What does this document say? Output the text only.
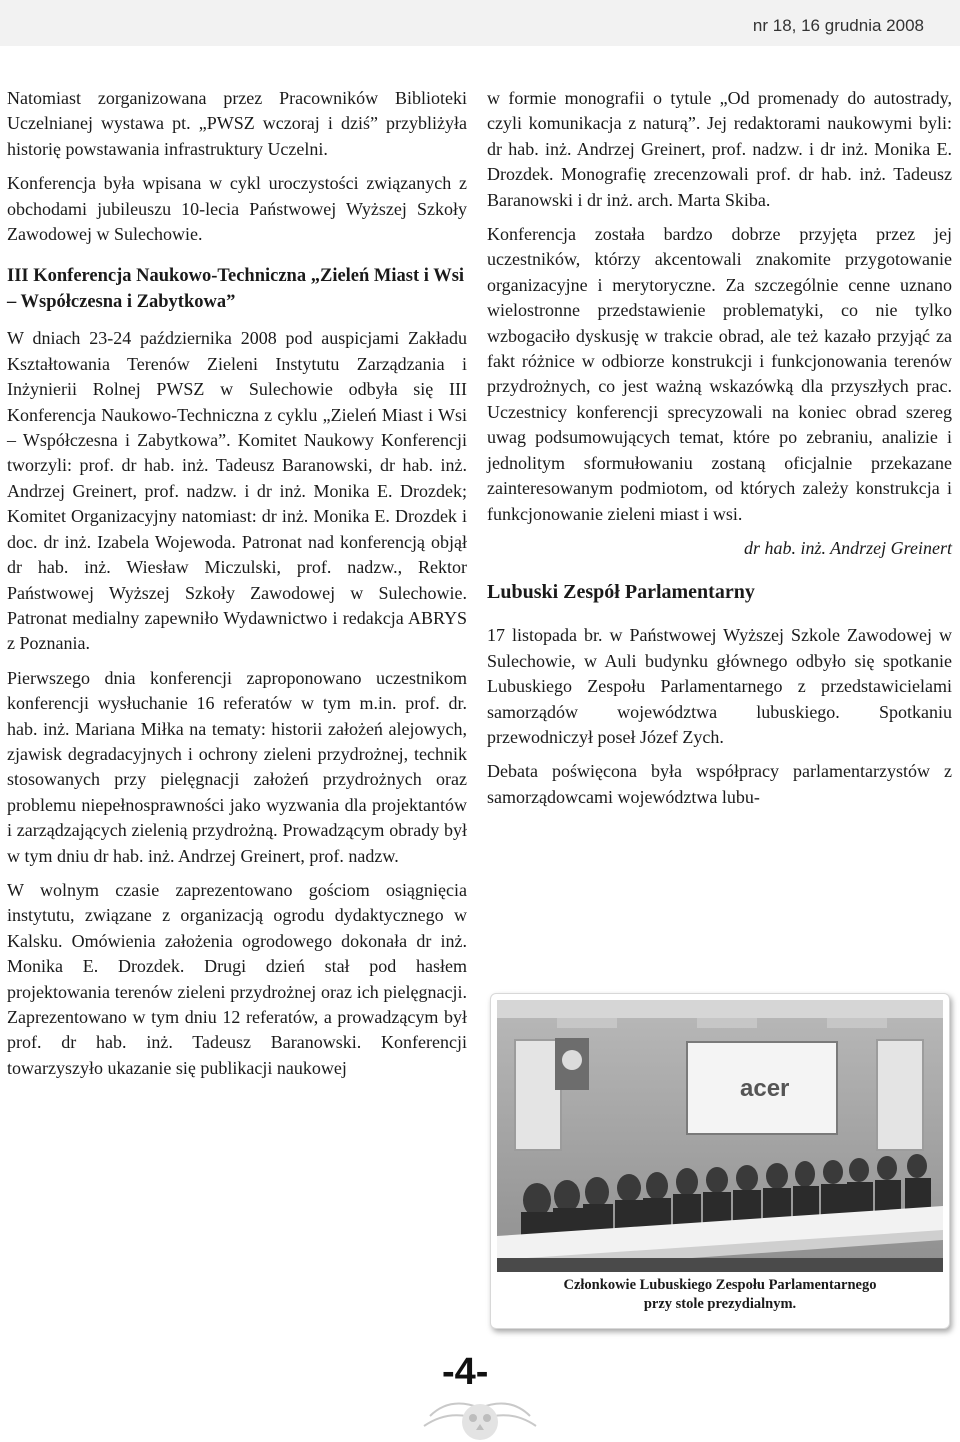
nr 18, 16 grudnia 2008

Natomiast zorganizowana przez Pracowników Biblioteki Uczelnianej wystawa pt. „PWSZ wczoraj i dziś” przybliżyła historię powstawania infrastruktury Uczelni.

Konferencja była wpisana w cykl uroczystości związanych z obchodami jubileuszu 10-lecia Państwowej Wyższej Szkoły Zawodowej w Sulechowie.

III Konferencja Naukowo-Techniczna „Zieleń Miast i Wsi – Współczesna i Zabytkowa”

W dniach 23-24 października 2008 pod auspicjami Zakładu Kształtowania Terenów Zieleni Instytutu Zarządzania i Inżynierii Rolnej PWSZ w Sulechowie odbyła się III Konferencja Naukowo-Techniczna z cyklu „Zieleń Miast i Wsi – Współczesna i Zabytkowa”. Komitet Naukowy Konferencji tworzyli: prof. dr hab. inż. Tadeusz Baranowski, dr hab. inż. Andrzej Greinert, prof. nadzw. i dr inż. Monika E. Drozdek; Komitet Organizacyjny natomiast: dr inż. Monika E. Drozdek i doc. dr inż. Izabela Wojewoda. Patronat nad konferencją objął dr hab. inż. Wiesław Miczulski, prof. nadzw., Rektor Państwowej Wyższej Szkoły Zawodowej w Sulechowie. Patronat medialny zapewniło Wydawnictwo i redakcja ABRYS z Poznania.

Pierwszego dnia konferencji zaproponowano uczestnikom konferencji wysłuchanie 16 referatów w tym m.in. prof. dr. hab. inż. Mariana Miłka na tematy: historii założeń alejowych, zjawisk degradacyjnych i ochrony zieleni przydrożnej, technik stosowanych przy pielęgnacji założeń przydrożnych oraz problemu niepełnosprawności jako wyzwania dla projektantów i zarządzających zielenią przydrożną. Prowadzącym obrady był w tym dniu dr hab. inż. Andrzej Greinert, prof. nadzw.

W wolnym czasie zaprezentowano gościom osiągnięcia instytutu, związane z organizacją ogrodu dydaktycznego w Kalsku. Omówienia założenia ogrodowego dokonała dr inż. Monika E. Drozdek. Drugi dzień stał pod hasłem projektowania terenów zieleni przydrożnej oraz ich pielęgnacji. Zaprezentowano w tym dniu 12 referatów, a prowadzącym był prof. dr hab. inż. Tadeusz Baranowski. Konferencji towarzyszyło ukazanie się publikacji naukowej

w formie monografii o tytule „Od promenady do autostrady, czyli komunikacja z naturą”. Jej redaktorami naukowymi byli: dr hab. inż. Andrzej Greinert, prof. nadzw. i dr inż. Monika E. Drozdek. Monografię zrecenzowali prof. dr hab. inż. Tadeusz Baranowski i dr inż. arch. Marta Skiba.

Konferencja została bardzo dobrze przyjęta przez jej uczestników, którzy akcentowali znakomite przygotowanie organizacyjne i merytoryczne. Za szczególnie cenne uznano wielostronne przedstawienie problematyki, co nie tylko wzbogaciło dyskusję w trakcie obrad, ale też kazało przyjąć za fakt różnice w odbiorze konstrukcji i funkcjonowania terenów przydrożnych, co jest ważną wskazówką dla przyszłych prac. Uczestnicy konferencji sprecyzowali na koniec obrad szereg uwag podsumowujących temat, które po zebraniu, analizie i jednolitym sformułowaniu zostaną oficjalnie przekazane zainteresowanym podmiotom, od których zależy konstrukcja i funkcjonowanie zieleni miast i wsi.

dr hab. inż. Andrzej Greinert

Lubuski Zespół Parlamentarny

17 listopada br. w Państwowej Wyższej Szkole Zawodowej w Sulechowie, w Auli budynku głównego odbyło się spotkanie Lubuskiego Zespołu Parlamentarnego z przedstawicielami samorządów województwa lubuskiego. Spotkaniu przewodniczył poseł Józef Zych.

Debata poświęcona była współpracy parlamentarzystów z samorządowcami województwa lubu-

acer
Członkowie Lubuskiego Zespołu Parlamentarnego
przy stole prezydialnym.
-4-
